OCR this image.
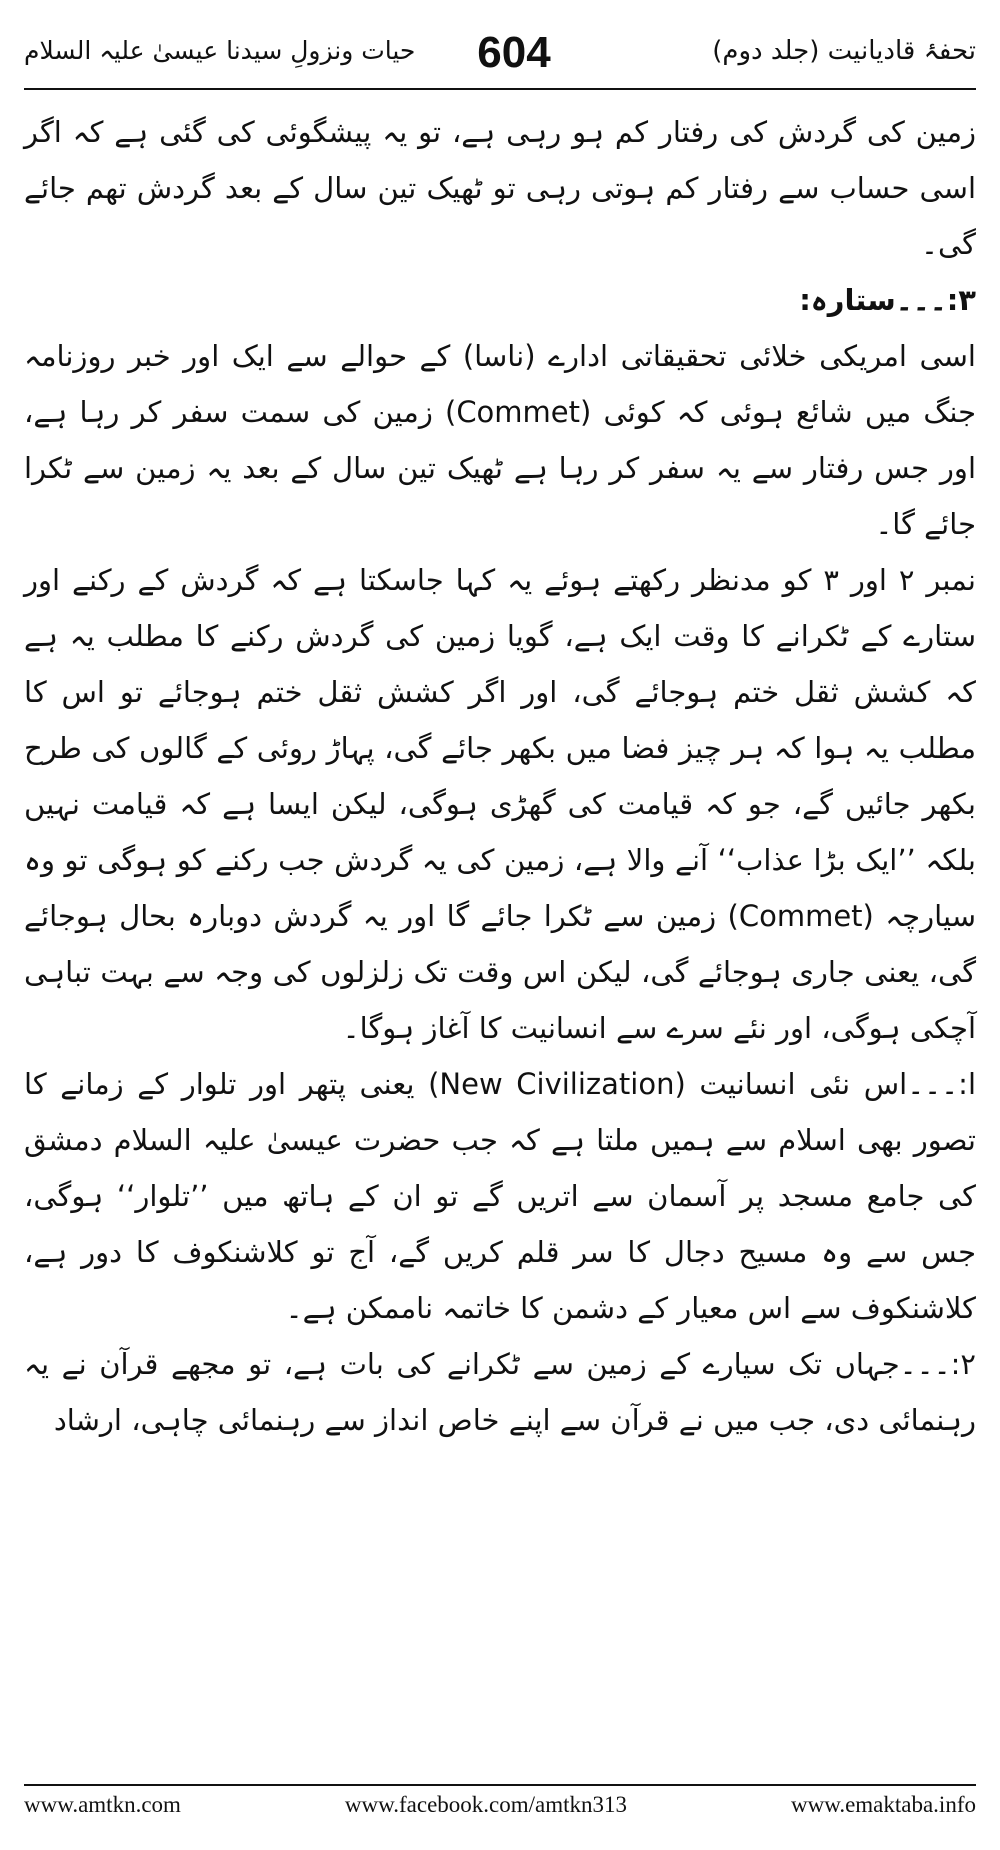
تحفۂ قادیانیت (جلد دوم)
604
حیات ونزولِ سیدنا عیسیٰ علیہ السلام

زمین کی گردش کی رفتار کم ہو رہی ہے، تو یہ پیشگوئی کی گئی ہے کہ اگر اسی حساب سے رفتار کم ہوتی رہی تو ٹھیک تین سال کے بعد گردش تھم جائے گی۔

۳:۔۔۔ستارہ:

اسی امریکی خلائی تحقیقاتی ادارے (ناسا) کے حوالے سے ایک اور خبر روزنامہ جنگ میں شائع ہوئی کہ کوئی (Commet) زمین کی سمت سفر کر رہا ہے، اور جس رفتار سے یہ سفر کر رہا ہے ٹھیک تین سال کے بعد یہ زمین سے ٹکرا جائے گا۔

نمبر ۲ اور ۳ کو مدنظر رکھتے ہوئے یہ کہا جاسکتا ہے کہ گردش کے رکنے اور ستارے کے ٹکرانے کا وقت ایک ہے، گویا زمین کی گردش رکنے کا مطلب یہ ہے کہ کشش ثقل ختم ہوجائے گی، اور اگر کشش ثقل ختم ہوجائے تو اس کا مطلب یہ ہوا کہ ہر چیز فضا میں بکھر جائے گی، پہاڑ روئی کے گالوں کی طرح بکھر جائیں گے، جو کہ قیامت کی گھڑی ہوگی، لیکن ایسا ہے کہ قیامت نہیں بلکہ ’’ایک بڑا عذاب‘‘ آنے والا ہے، زمین کی یہ گردش جب رکنے کو ہوگی تو وہ سیارچہ (Commet) زمین سے ٹکرا جائے گا اور یہ گردش دوبارہ بحال ہوجائے گی، یعنی جاری ہوجائے گی، لیکن اس وقت تک زلزلوں کی وجہ سے بہت تباہی آچکی ہوگی، اور نئے سرے سے انسانیت کا آغاز ہوگا۔

ا:۔۔۔اس نئی انسانیت (New Civilization) یعنی پتھر اور تلوار کے زمانے کا تصور بھی اسلام سے ہمیں ملتا ہے کہ جب حضرت عیسیٰ علیہ السلام دمشق کی جامع مسجد پر آسمان سے اتریں گے تو ان کے ہاتھ میں ’’تلوار‘‘ ہوگی، جس سے وہ مسیح دجال کا سر قلم کریں گے، آج تو کلاشنکوف کا دور ہے، کلاشنکوف سے اس معیار کے دشمن کا خاتمہ ناممکن ہے۔

۲:۔۔۔جہاں تک سیارے کے زمین سے ٹکرانے کی بات ہے، تو مجھے قرآن نے یہ رہنمائی دی، جب میں نے قرآن سے اپنے خاص انداز سے رہنمائی چاہی، ارشاد

www.amtkn.com	www.facebook.com/amtkn313	www.emaktaba.info
